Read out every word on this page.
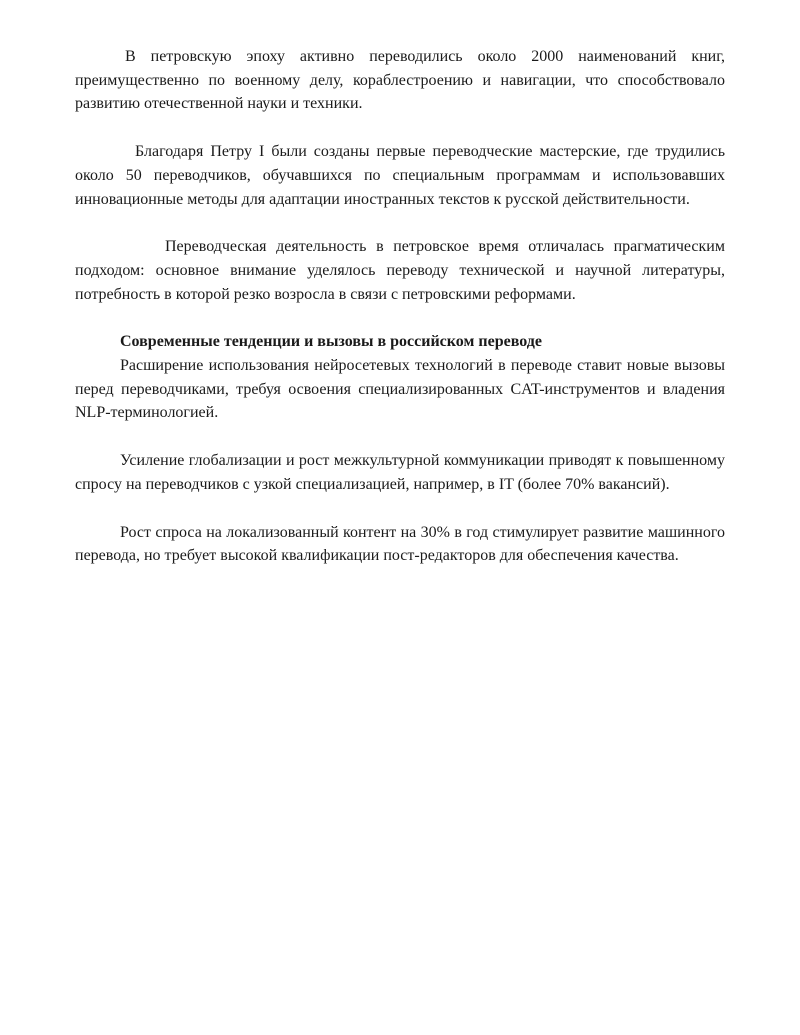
В петровскую эпоху активно переводились около 2000 наименований книг, преимущественно по военному делу, кораблестроению и навигации, что способствовало развитию отечественной науки и техники.

Благодаря Петру I были созданы первые переводческие мастерские, где трудились около 50 переводчиков, обучавшихся по специальным программам и использовавших инновационные методы для адаптации иностранных текстов к русской действительности.

Переводческая деятельность в петровское время отличалась прагматическим подходом: основное внимание уделялось переводу технической и научной литературы, потребность в которой резко возросла в связи с петровскими реформами.

Современные тенденции и вызовы в российском переводе

Расширение использования нейросетевых технологий в переводе ставит новые вызовы перед переводчиками, требуя освоения специализированных CAT-инструментов и владения NLP-терминологией.

Усиление глобализации и рост межкультурной коммуникации приводят к повышенному спросу на переводчиков с узкой специализацией, например, в IT (более 70% вакансий).

Рост спроса на локализованный контент на 30% в год стимулирует развитие машинного перевода, но требует высокой квалификации пост-редакторов для обеспечения качества.
